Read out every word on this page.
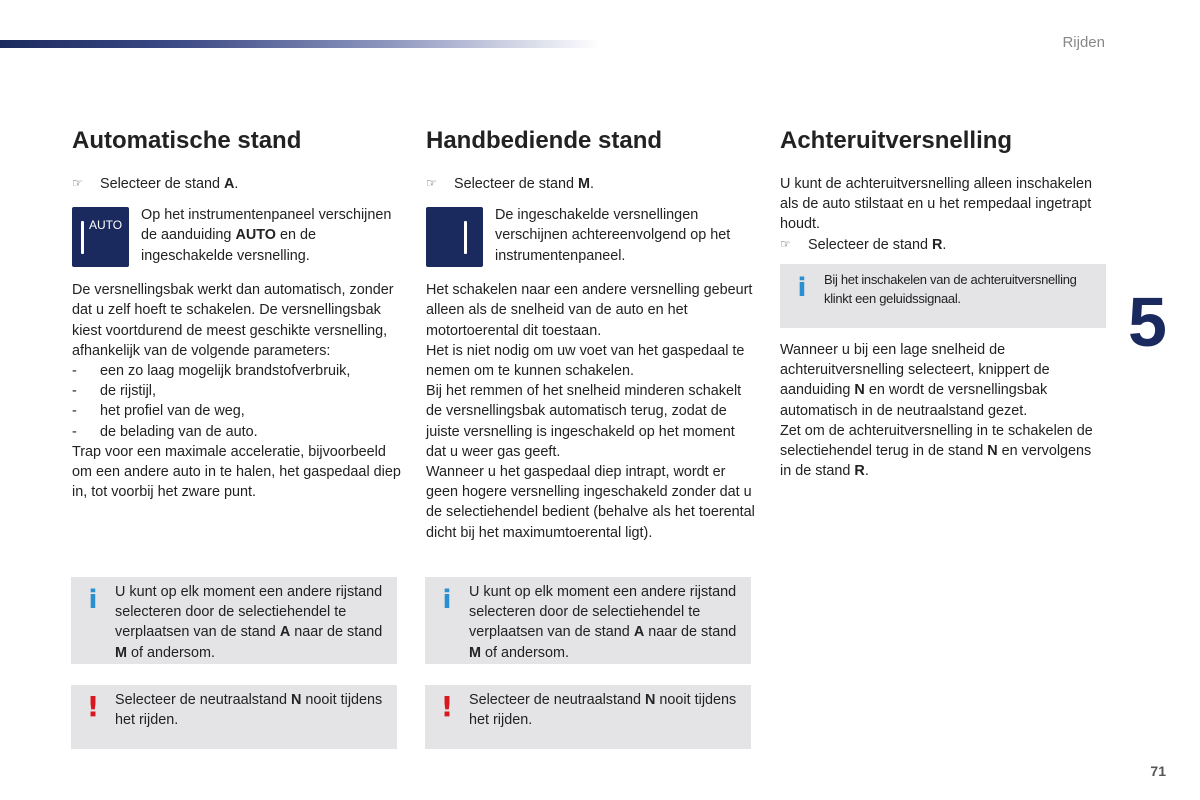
Rijden
5
71
Automatische stand
☞	Selecteer de stand A.

AUTO

Op het instrumentenpaneel verschijnen de aanduiding AUTO en de ingeschakelde versnelling.

De versnellingsbak werkt dan automatisch, zonder dat u zelf hoeft te schakelen. De versnellingsbak kiest voortdurend de meest geschikte versnelling, afhankelijk van de volgende parameters:

-	een zo laag mogelijk brandstofverbruik,
-	de rijstijl,
-	het profiel van de weg,
-	de belading van de auto.

Trap voor een maximale acceleratie, bijvoorbeeld om een andere auto in te halen, het gaspedaal diep in, tot voorbij het zware punt.

Handbediende stand
☞	Selecteer de stand M.

De ingeschakelde versnellingen verschijnen achtereenvolgend op het instrumentenpaneel.

Het schakelen naar een andere versnelling gebeurt alleen als de snelheid van de auto en het motortoerental dit toestaan.

Het is niet nodig om uw voet van het gaspedaal te nemen om te kunnen schakelen.

Bij het remmen of het snelheid minderen schakelt de versnellingsbak automatisch terug, zodat de juiste versnelling is ingeschakeld op het moment dat u weer gas geeft.

Wanneer u het gaspedaal diep intrapt, wordt er geen hogere versnelling ingeschakeld zonder dat u de selectiehendel bedient (behalve als het toerental dicht bij het maximumtoerental ligt).

Achteruitversnelling

U kunt de achteruitversnelling alleen inschakelen als de auto stilstaat en u het rempedaal ingetrapt houdt.

☞	Selecteer de stand R.

Wanneer u bij een lage snelheid de achteruitversnelling selecteert, knippert de aanduiding N en wordt de versnellingsbak automatisch in de neutraalstand gezet.

Zet om de achteruitversnelling in te schakelen de selectiehendel terug in de stand N en vervolgens in de stand R.

i	Bij het inschakelen van de achteruitversnelling klinkt een geluidssignaal.

i	U kunt op elk moment een andere rijstand selecteren door de selectiehendel te verplaatsen van de stand A naar de stand M of andersom.

!	Selecteer de neutraalstand N nooit tijdens het rijden.

i	U kunt op elk moment een andere rijstand selecteren door de selectiehendel te verplaatsen van de stand A naar de stand M of andersom.

!	Selecteer de neutraalstand N nooit tijdens het rijden.
